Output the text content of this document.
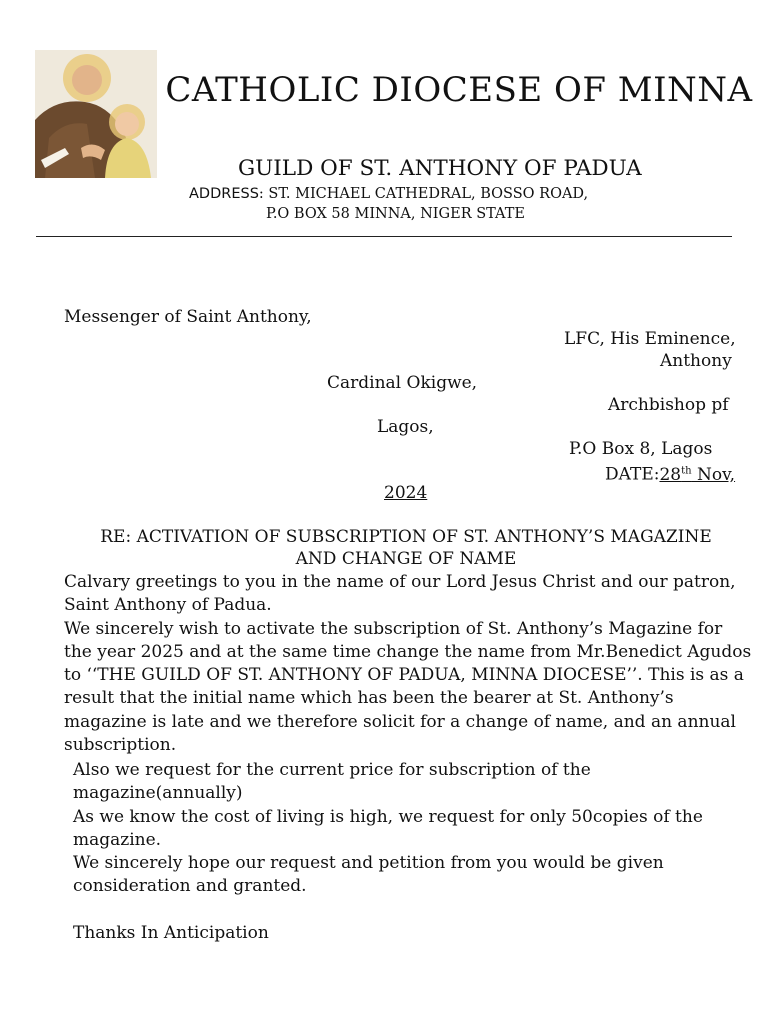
CATHOLIC DIOCESE OF MINNA
GUILD OF ST. ANTHONY OF PADUA
ADDRESS: ST. MICHAEL CATHEDRAL, BOSSO ROAD,
P.O BOX 58 MINNA, NIGER STATE
Messenger of Saint Anthony,
LFC, His Eminence,
Anthony
Cardinal Okigwe,
Archbishop pf
Lagos,
P.O Box 8, Lagos
DATE:28th Nov,
2024
RE: ACTIVATION OF SUBSCRIPTION OF ST. ANTHONY’S MAGAZINE
AND CHANGE OF NAME

Calvary greetings to you in the name of our Lord Jesus Christ and our patron, Saint Anthony of Padua.

We sincerely wish to activate the subscription of St. Anthony’s Magazine for the year 2025 and at the same time change the name from Mr.Benedict Agudos to ‘‘THE GUILD OF ST. ANTHONY OF PADUA, MINNA DIOCESE’’. This is as a result that the initial name which has been the bearer at St. Anthony’s magazine is late and we therefore solicit for a change of name, and an annual subscription.

Also we request for the current price for subscription of the magazine(annually)

As we know the cost of living is high, we request for only 50copies of the magazine.

We sincerely hope our request and petition from you would be given consideration and granted.

Thanks In Anticipation
